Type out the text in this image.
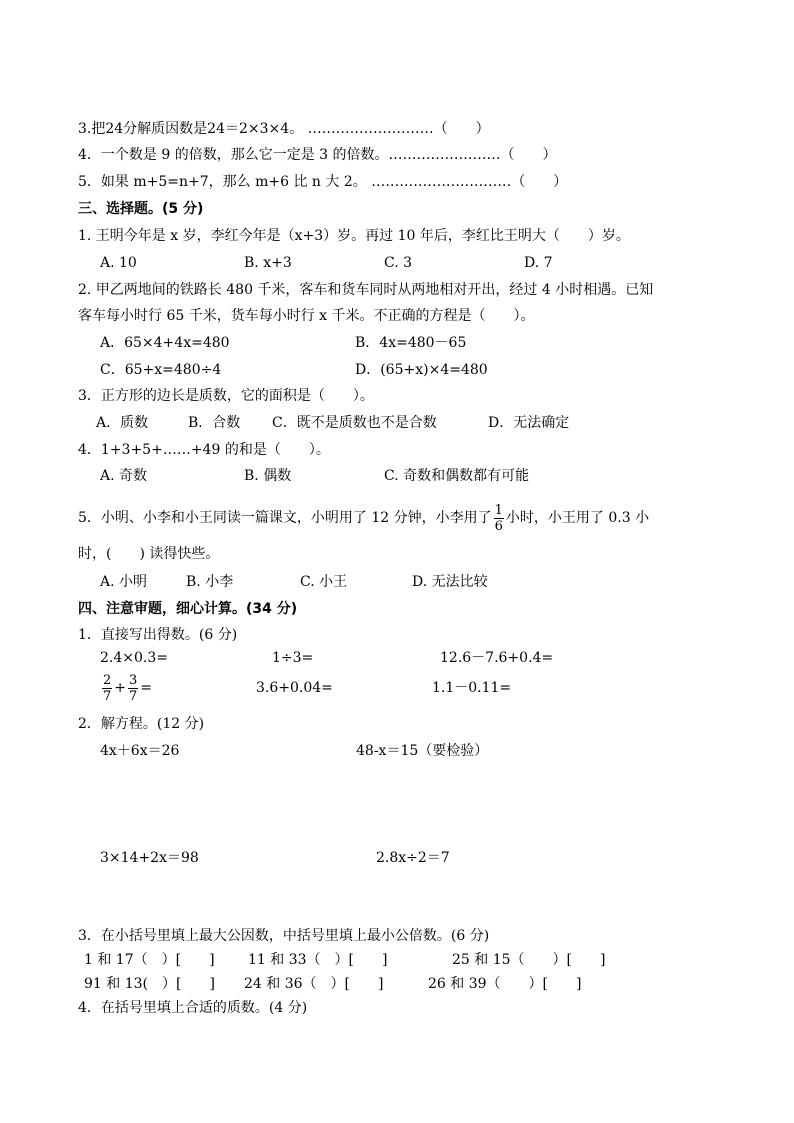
3.把24分解质因数是24＝2×3×4。 ………………………（　　）
4．一个数是 9 的倍数，那么它一定是 3 的倍数。……………………（　　）
5．如果 m+5=n+7，那么 m+6 比 n 大 2。 …………………………（　　）
三、选择题。(5 分)
1. 王明今年是 x 岁，李红今年是（x+3）岁。再过 10 年后，李红比王明大（　　）岁。
A. 10	B. x+3	C. 3	D. 7
2. 甲乙两地间的铁路长 480 千米，客车和货车同时从两地相对开出，经过 4 小时相遇。已知
客车每小时行 65 千米，货车每小时行 x 千米。不正确的方程是（　　）。
A．65×4+4x=480	B．4x=480－65
C．65+x=480÷4	D．(65+x)×4=480
3．正方形的边长是质数，它的面积是（　　）。
A．质数	B．合数 C．既不是质数也不是合数	D．无法确定
4．1+3+5+……+49 的和是（　　）。
A. 奇数	B. 偶数	C. 奇数和偶数都有可能
5．小明、小李和小王同读一篇课文，小明用了 12 分钟，小李用了 $\frac{1}{6}$ 小时，小王用了 0.3 小
时，(　　) 读得快些。
A. 小明	B. 小李	C. 小王	D. 无法比较
四、注意审题，细心计算。(34 分)
1．直接写出得数。(6 分)
2.4×0.3=	1÷3=	12.6－7.6+0.4=
$\frac{2}{7} + \frac{3}{7}$ =	3.6+0.04=	1.1－0.11=
2．解方程。(12 分)
4x＋6x＝26	48-x＝15（要检验）
3×14+2x＝98	2.8x÷2＝7
3．在小括号里填上最大公因数，中括号里填上最小公倍数。(6 分)
1 和 17（　）[　　] 11 和 33（　）[　　]	25 和 15（　　）[　　]
91 和 13(　）[　　] 24 和 36（　）[　　]	26 和 39（　　）[　　]
4．在括号里填上合适的质数。(4 分)
